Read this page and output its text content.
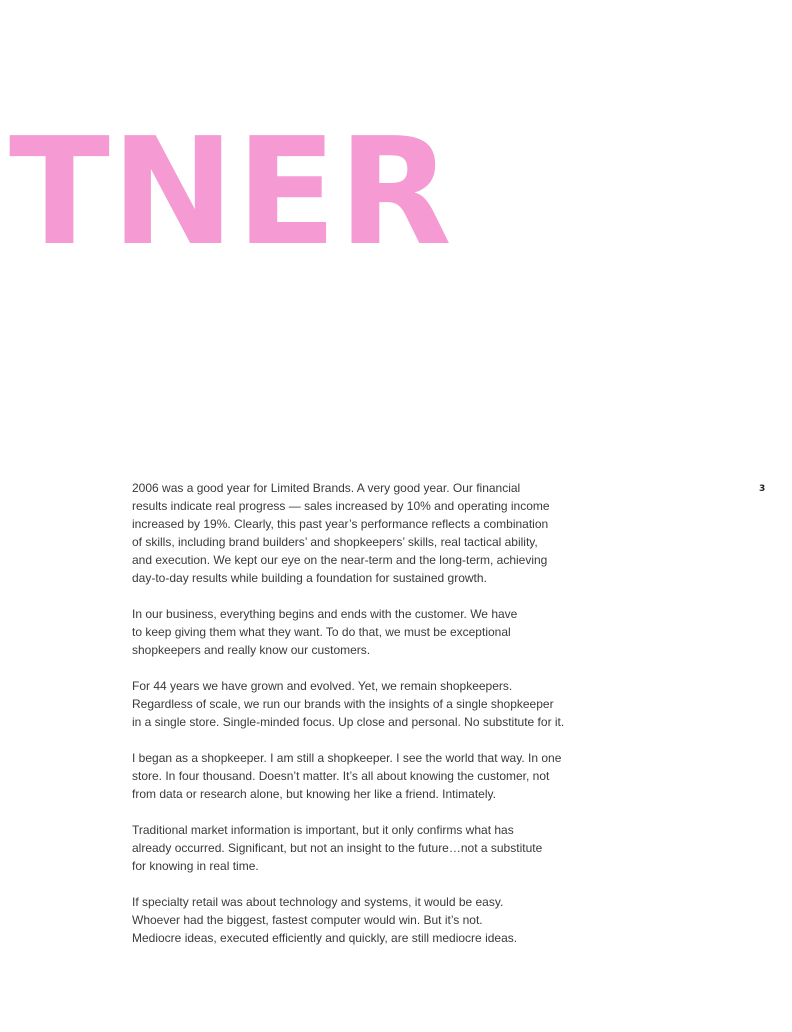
TNER
3

2006 was a good year for Limited Brands. A very good year. Our financial
results indicate real progress — sales increased by 10% and operating income
increased by 19%. Clearly, this past year’s performance reflects a combination
of skills, including brand builders’ and shopkeepers’ skills, real tactical ability,
and execution. We kept our eye on the near-term and the long-term, achieving
day-to-day results while building a foundation for sustained growth.

In our business, everything begins and ends with the customer. We have
to keep giving them what they want. To do that, we must be exceptional
shopkeepers and really know our customers.

For 44 years we have grown and evolved. Yet, we remain shopkeepers.
Regardless of scale, we run our brands with the insights of a single shopkeeper
in a single store. Single-minded focus. Up close and personal. No substitute for it.

I began as a shopkeeper. I am still a shopkeeper. I see the world that way. In one
store. In four thousand. Doesn’t matter. It’s all about knowing the customer, not
from data or research alone, but knowing her like a friend. Intimately.

Traditional market information is important, but it only confirms what has
already occurred. Significant, but not an insight to the future…not a substitute
for knowing in real time.

If specialty retail was about technology and systems, it would be easy.
Whoever had the biggest, fastest computer would win. But it’s not.
Mediocre ideas, executed efficiently and quickly, are still mediocre ideas.
